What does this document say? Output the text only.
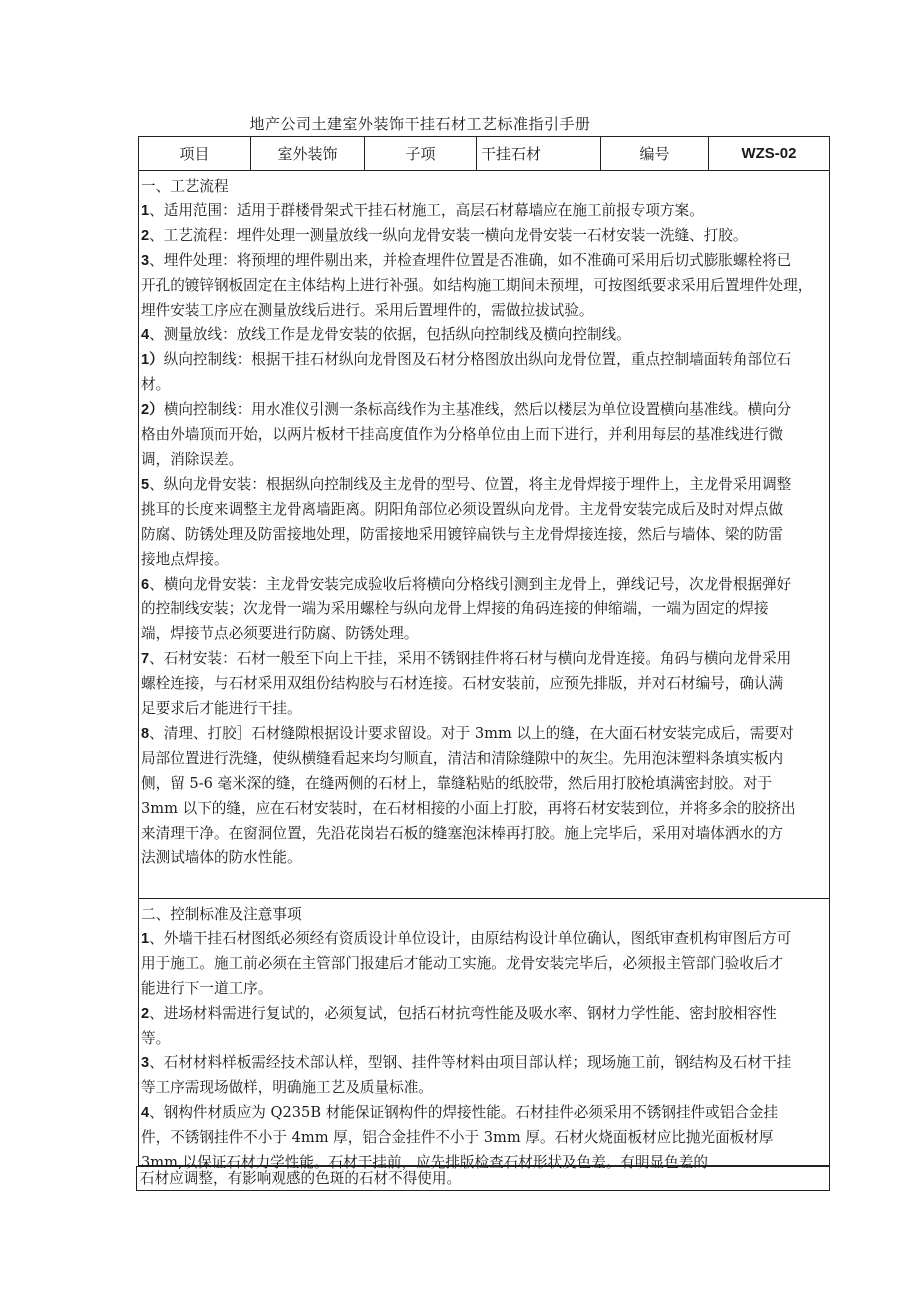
地产公司土建室外装饰干挂石材工艺标准指引手册
项目	室外装饰	子项	干挂石材	编号	WZS-02
一、工艺流程
1、适用范围：适用于群楼骨架式干挂石材施工，高层石材幕墙应在施工前报专项方案。
2、工艺流程：埋件处理一测量放线一纵向龙骨安装一横向龙骨安装一石材安装一洗缝、打胶。
3、埋件处理：将预埋的埋件剔出来，并检查埋件位置是否准确，如不准确可采用后切式膨胀螺栓将已
开孔的镀锌钢板固定在主体结构上进行补强。如结构施工期间未预埋，可按图纸要求采用后置埋件处理，
埋件安装工序应在测量放线后进行。采用后置埋件的，需做拉拔试验。
4、测量放线：放线工作是龙骨安装的依据，包括纵向控制线及横向控制线。
1）纵向控制线：根据干挂石材纵向龙骨图及石材分格图放出纵向龙骨位置，重点控制墙面转角部位石
材。
2）横向控制线：用水准仪引测一条标高线作为主基准线，然后以楼层为单位设置横向基准线。横向分
格由外墙顶而开始，以两片板材干挂高度值作为分格单位由上而下进行，并利用每层的基准线进行微
调，消除误差。
5、纵向龙骨安装：根据纵向控制线及主龙骨的型号、位置，将主龙骨焊接于埋件上，主龙骨采用调整
挑耳的长度来调整主龙骨离墙距离。阴阳角部位必须设置纵向龙骨。主龙骨安装完成后及时对焊点做
防腐、防锈处理及防雷接地处理，防雷接地采用镀锌扁铁与主龙骨焊接连接，然后与墙体、梁的防雷
接地点焊接。
6、横向龙骨安装：主龙骨安装完成验收后将横向分格线引测到主龙骨上，弹线记号，次龙骨根据弹好
的控制线安装；次龙骨一端为采用螺栓与纵向龙骨上焊接的角码连接的伸缩端，一端为固定的焊接
端，焊接节点必须要进行防腐、防锈处理。
7、石材安装：石材一般至下向上干挂，采用不锈钢挂件将石材与横向龙骨连接。角码与横向龙骨采用
螺栓连接，与石材采用双组份结构胶与石材连接。石材安装前，应预先排版，并对石材编号，确认满
足要求后才能进行干挂。
8、清理、打胶］石材缝隙根据设计要求留设。对于 3mm 以上的缝，在大面石材安装完成后，需要对
局部位置进行洗缝，使纵横缝看起来均匀顺直，清洁和清除缝隙中的灰尘。先用泡沫塑料条填实板内
侧，留 5-6 毫米深的缝，在缝两侧的石材上，靠缝粘贴的纸胶带，然后用打胶枪填满密封胶。对于
3mm 以下的缝，应在石材安装时，在石材相接的小面上打胶，再将石材安装到位，并将多余的胶挤出
来清理干净。在窗洞位置，先沿花岗岩石板的缝塞泡沫棒再打胶。施上完毕后，采用对墙体洒水的方
法测试墙体的防水性能。
二、控制标准及注意事项
1、外墙干挂石材图纸必须经有资质设计单位设计，由原结构设计单位确认，图纸审查机构审图后方可
用于施工。施工前必须在主管部门报建后才能动工实施。龙骨安装完毕后，必须报主管部门验收后才
能进行下一道工序。
2、进场材料需进行复试的，必须复试，包括石材抗弯性能及吸水率、钢材力学性能、密封胶相容性
等。
3、石材材料样板需经技术部认样，型钢、挂件等材料由项目部认样；现场施工前，钢结构及石材干挂
等工序需现场做样，明确施工艺及质量标准。
4、钢构件材质应为 Q235B 材能保证钢构件的焊接性能。石材挂件必须采用不锈钢挂件或铝合金挂
件，不锈钢挂件不小于 4mm 厚，铝合金挂件不小于 3mm 厚。石材火烧面板材应比抛光面板材厚
3mm,以保证石材力学性能。石材干挂前，应先排版检查石材形状及色差。有明显色差的
石材应调整，有影响观感的色斑的石材不得使用。
